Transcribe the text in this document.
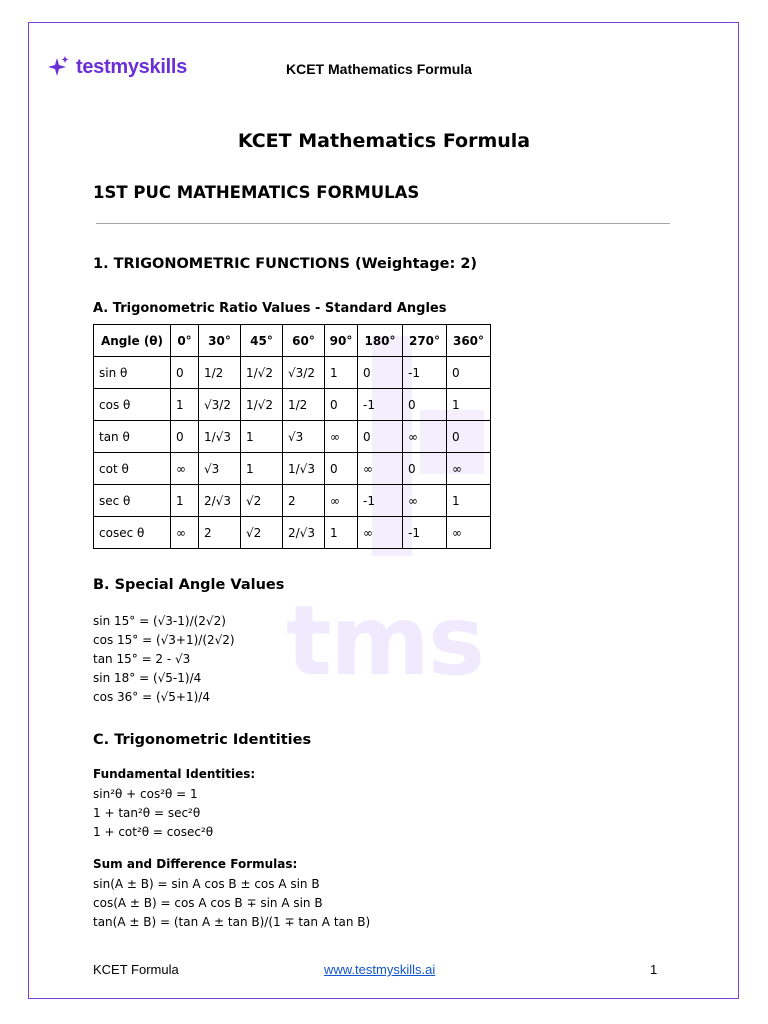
tms
testmyskills	KCET Mathematics Formula
KCET Mathematics Formula
1ST PUC MATHEMATICS FORMULAS
1. TRIGONOMETRIC FUNCTIONS (Weightage: 2)
A. Trigonometric Ratio Values - Standard Angles
Angle (θ)	0°	30°	45°	60°	90°	180°	270°	360°
sin θ	0	1/2	1/√2	√3/2	1	0	-1	0
cos θ	1	√3/2	1/√2	1/2	0	-1	0	1
tan θ	0	1/√3	1	√3	∞	0	∞	0
cot θ	∞	√3	1	1/√3	0	∞	0	∞
sec θ	1	2/√3	√2	2	∞	-1	∞	1
cosec θ	∞	2	√2	2/√3	1	∞	-1	∞
B. Special Angle Values
sin 15° = (√3-1)/(2√2)
cos 15° = (√3+1)/(2√2)
tan 15° = 2 - √3
sin 18° = (√5-1)/4
cos 36° = (√5+1)/4
C. Trigonometric Identities
Fundamental Identities:
sin²θ + cos²θ = 1
1 + tan²θ = sec²θ
1 + cot²θ = cosec²θ
Sum and Difference Formulas:
sin(A ± B) = sin A cos B ± cos A sin B
cos(A ± B) = cos A cos B ∓ sin A sin B
tan(A ± B) = (tan A ± tan B)/(1 ∓ tan A tan B)
KCET Formula	www.testmyskills.ai	1
